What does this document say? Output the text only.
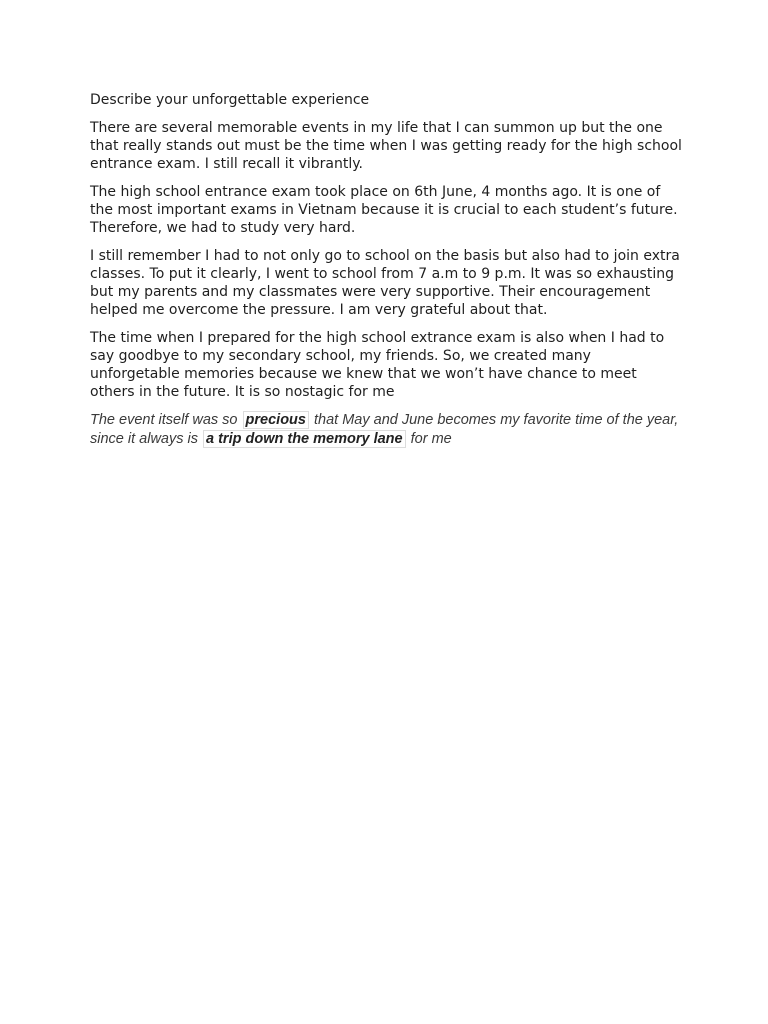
Describe your unforgettable experience

There are several memorable events in my life that I can summon up but the one that really stands out must be the time when I was getting ready for the high school entrance exam. I still recall it vibrantly.

The high school entrance exam took place on 6th June, 4 months ago. It is one of the most important exams in Vietnam because it is crucial to each student’s future. Therefore, we had to study very hard.

I still remember I had to not only go to school on the basis but also had to join extra classes. To put it clearly, I went to school from 7 a.m to 9 p.m. It was so exhausting but my parents and my classmates were very supportive. Their encouragement helped me overcome the pressure. I am very grateful about that.

The time when I prepared for the high school extrance exam is also when I had to say goodbye to my secondary school, my friends. So, we created many unforgetable memories because we knew that we won’t have chance to meet others in the future. It is so nostagic for me

The event itself was so precious that May and June becomes my favorite time of the year, since it always is a trip down the memory lane for me
